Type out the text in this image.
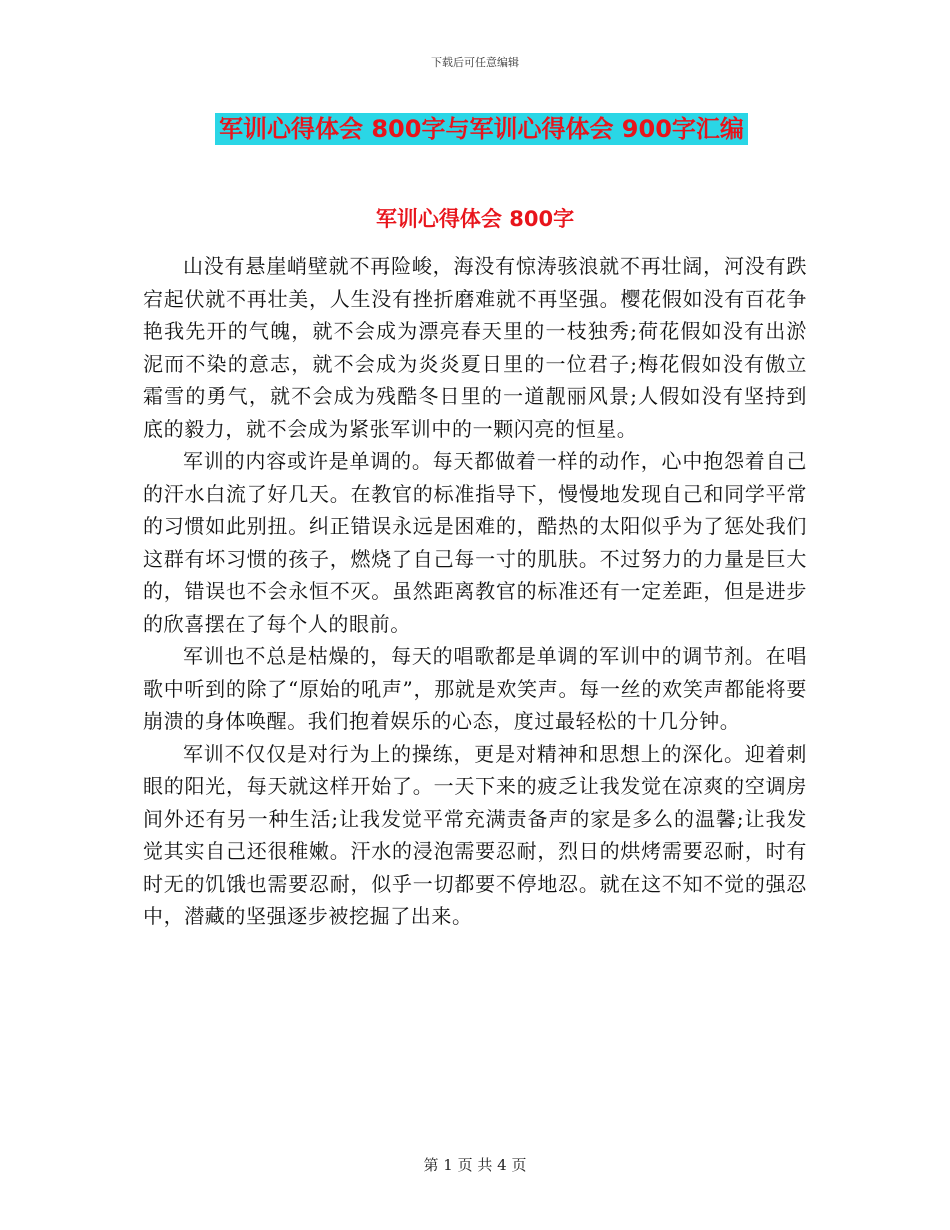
下载后可任意编辑
军训心得体会 800字与军训心得体会 900字汇编
军训心得体会 800字

山没有悬崖峭壁就不再险峻，海没有惊涛骇浪就不再壮阔，河没有跌宕起伏就不再壮美，人生没有挫折磨难就不再坚强。樱花假如没有百花争艳我先开的气魄，就不会成为漂亮春天里的一枝独秀;荷花假如没有出淤泥而不染的意志，就不会成为炎炎夏日里的一位君子;梅花假如没有傲立霜雪的勇气，就不会成为残酷冬日里的一道靓丽风景;人假如没有坚持到底的毅力，就不会成为紧张军训中的一颗闪亮的恒星。

军训的内容或许是单调的。每天都做着一样的动作，心中抱怨着自己的汗水白流了好几天。在教官的标准指导下，慢慢地发现自己和同学平常的习惯如此别扭。纠正错误永远是困难的，酷热的太阳似乎为了惩处我们这群有坏习惯的孩子，燃烧了自己每一寸的肌肤。不过努力的力量是巨大的，错误也不会永恒不灭。虽然距离教官的标准还有一定差距，但是进步的欣喜摆在了每个人的眼前。

军训也不总是枯燥的，每天的唱歌都是单调的军训中的调节剂。在唱歌中听到的除了“原始的吼声”，那就是欢笑声。每一丝的欢笑声都能将要崩溃的身体唤醒。我们抱着娱乐的心态，度过最轻松的十几分钟。

军训不仅仅是对行为上的操练，更是对精神和思想上的深化。迎着刺眼的阳光，每天就这样开始了。一天下来的疲乏让我发觉在凉爽的空调房间外还有另一种生活;让我发觉平常充满责备声的家是多么的温馨;让我发觉其实自己还很稚嫩。汗水的浸泡需要忍耐，烈日的烘烤需要忍耐，时有时无的饥饿也需要忍耐，似乎一切都要不停地忍。就在这不知不觉的强忍中，潜藏的坚强逐步被挖掘了出来。

第 1 页 共 4 页
